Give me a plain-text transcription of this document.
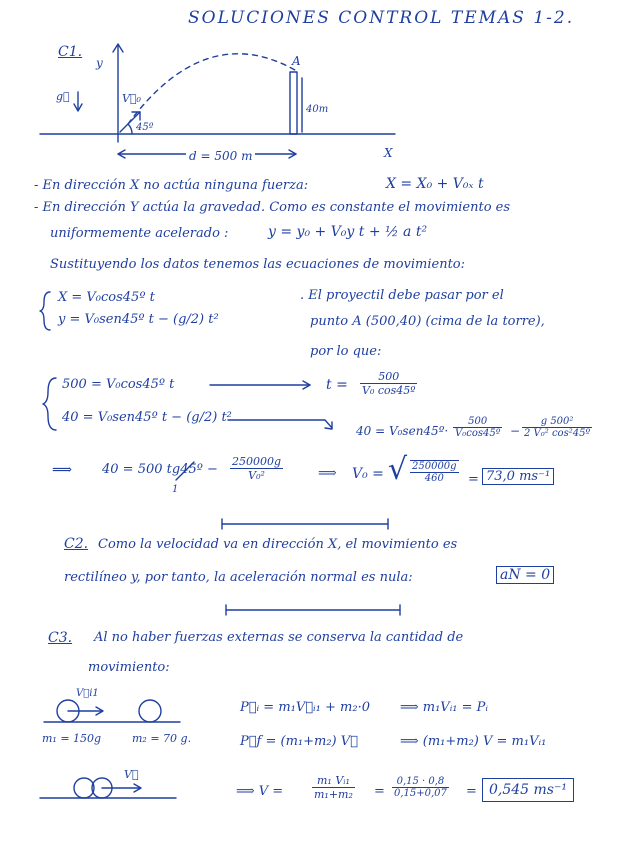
SOLUCIONES CONTROL TEMAS 1-2.
C1.
y
X
g⃗	V⃗₀
45º
A
40m
d = 500 m
- En dirección X no actúa ninguna fuerza:	X = X₀ + V₀ₓ t
- En dirección Y actúa la gravedad. Como es constante el movimiento es
uniformemente acelerado :	y = y₀ + V₀y t + ½ a t²
Sustituyendo los datos tenemos las ecuaciones de movimiento:
X = V₀cos45º t
y = V₀sen45º t − (g/2) t²
. El proyectil debe pasar por el
punto A (500,40) (cima de la torre),
por lo que:
500 = V₀cos45º t
40 = V₀sen45º t − (g/2) t²
$t = \frac{500}{\text{V₀ cos45º}}$
40 = V₀sen45º· $\frac{500}{\text{V₀cos45º}} - \frac{\text{g 500²}}{\text{2 V₀² cos²45º}}$
⟹ 40 = 500 tg45º −
1
$\frac{250000g}{\text{V₀²}}$	⟹ V₀ = √ $\frac{250000g}{460} = 73,0$ ms⁻¹
C2. Como la velocidad va en dirección X, el movimiento es
rectilíneo y, por tanto, la aceleración normal es nula:	aN = 0
C3. Al no haber fuerzas externas se conserva la cantidad de
movimiento:
V⃗i1
m₁ = 150g	m₂ = 70 g.
V⃗
P⃗ᵢ = m₁V⃗ᵢ₁ + m₂·0 ⟹ m₁Vᵢ₁ = Pᵢ
P⃗f = (m₁+m₂) V⃗	⟹ (m₁+m₂) V = m₁Vᵢ₁
⟹ V =	$\frac{\text{m₁ Vᵢ₁}}{\text{m₁+m₂}} = \frac{0,15 \cdot 0,8}{0,15+0,07} = 0,545$ ms⁻¹
